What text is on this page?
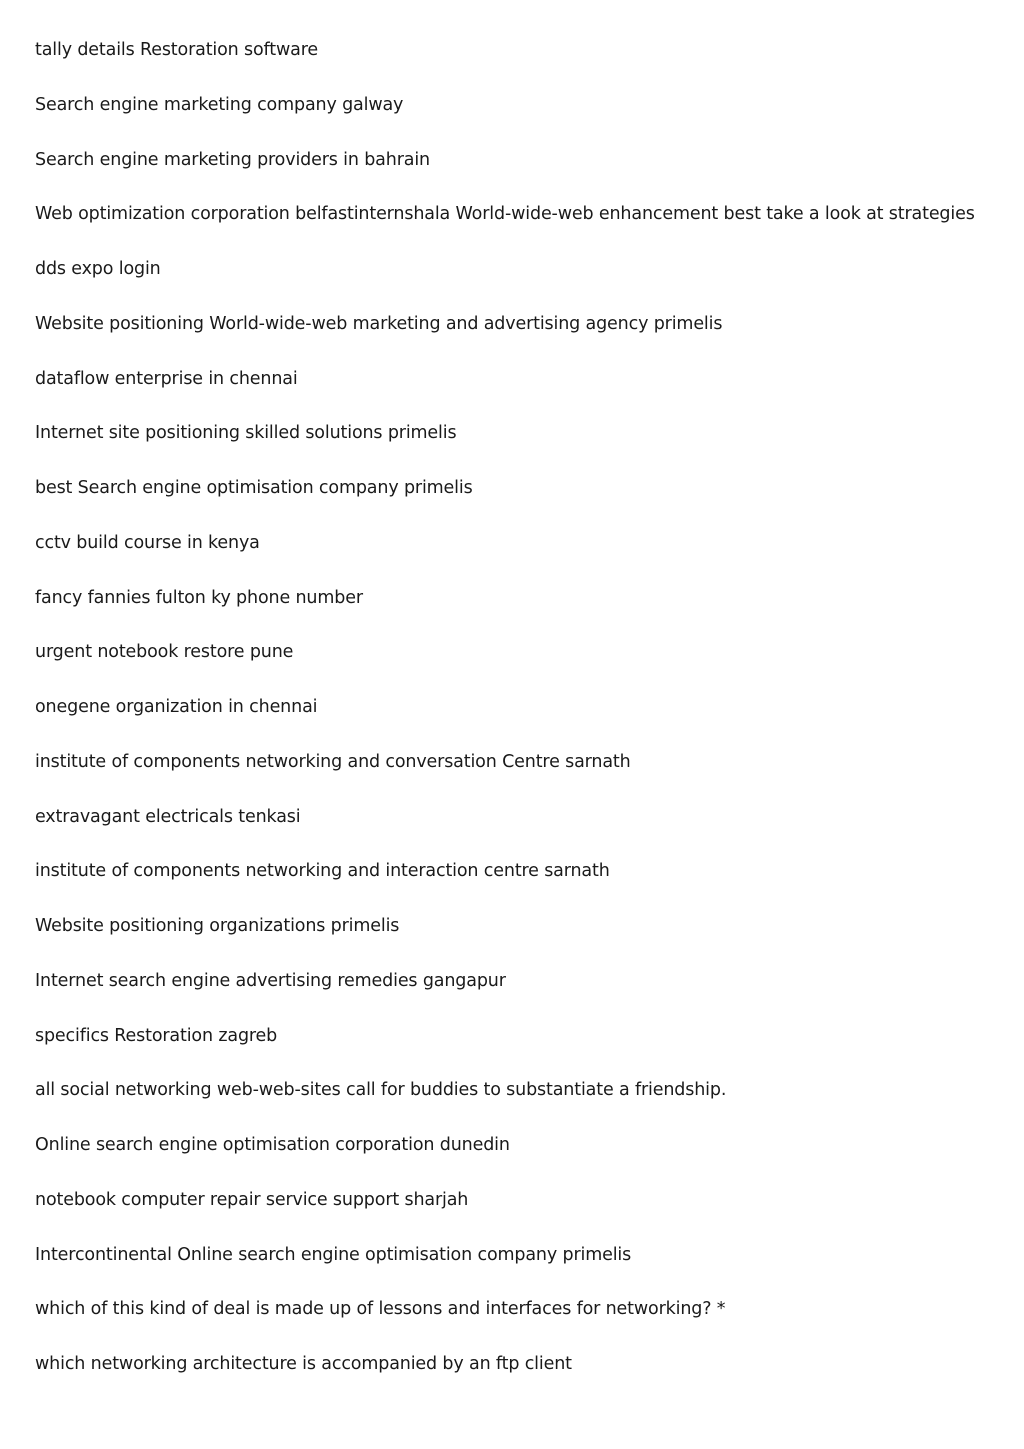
tally details Restoration software
Search engine marketing company galway
Search engine marketing providers in bahrain
Web optimization corporation belfastinternshala World-wide-web enhancement best take a look at strategies
dds expo login
Website positioning World-wide-web marketing and advertising agency primelis
dataflow enterprise in chennai
Internet site positioning skilled solutions primelis
best Search engine optimisation company primelis
cctv build course in kenya
fancy fannies fulton ky phone number
urgent notebook restore pune
onegene organization in chennai
institute of components networking and conversation Centre sarnath
extravagant electricals tenkasi
institute of components networking and interaction centre sarnath
Website positioning organizations primelis
Internet search engine advertising remedies gangapur
specifics Restoration zagreb
all social networking web-web-sites call for buddies to substantiate a friendship.
Online search engine optimisation corporation dunedin
notebook computer repair service support sharjah
Intercontinental Online search engine optimisation company primelis
which of this kind of deal is made up of lessons and interfaces for networking? *
which networking architecture is accompanied by an ftp client
